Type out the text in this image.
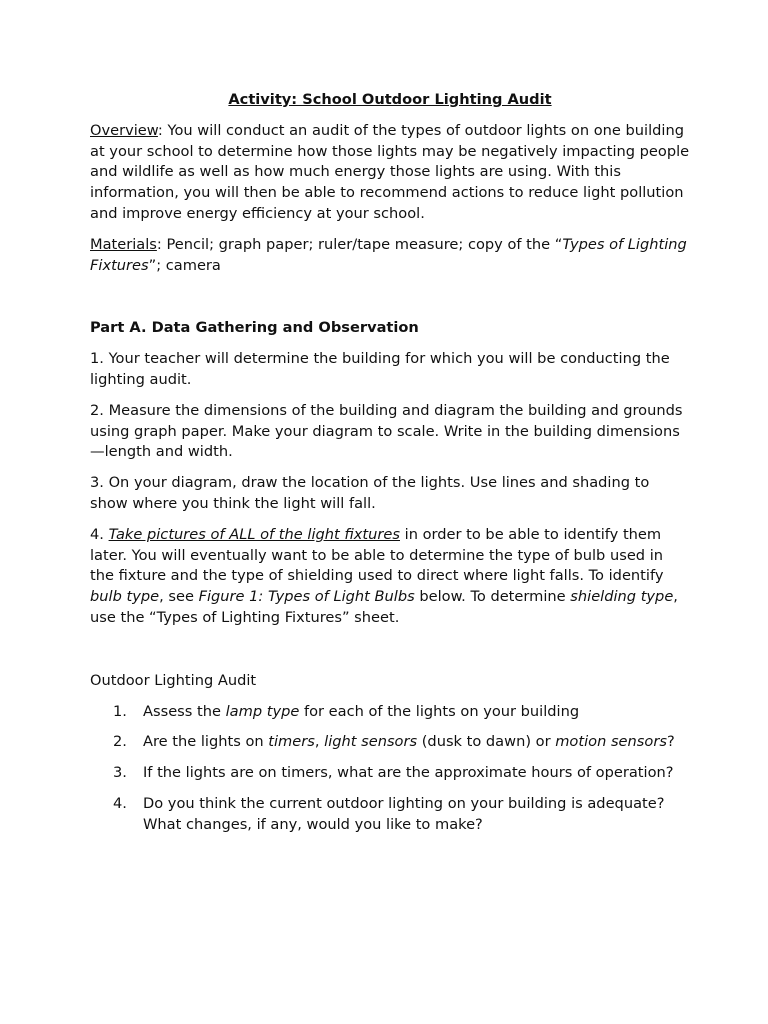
Activity: School Outdoor Lighting Audit

Overview: You will conduct an audit of the types of outdoor lights on one building at your school to determine how those lights may be negatively impacting people and wildlife as well as how much energy those lights are using. With this information, you will then be able to recommend actions to reduce light pollution and improve energy efficiency at your school.

Materials: Pencil; graph paper; ruler/tape measure; copy of the “Types of Lighting Fixtures”; camera

Part A. Data Gathering and Observation

1. Your teacher will determine the building for which you will be conducting the lighting audit.

2. Measure the dimensions of the building and diagram the building and grounds using graph paper. Make your diagram to scale. Write in the building dimensions—length and width.

3. On your diagram, draw the location of the lights. Use lines and shading to show where you think the light will fall.

4. Take pictures of ALL of the light fixtures in order to be able to identify them later. You will eventually want to be able to determine the type of bulb used in the fixture and the type of shielding used to direct where light falls. To identify bulb type, see Figure 1: Types of Light Bulbs below. To determine shielding type, use the “Types of Lighting Fixtures” sheet.

Outdoor Lighting Audit

1. Assess the lamp type for each of the lights on your building
2. Are the lights on timers, light sensors (dusk to dawn) or motion sensors?
3. If the lights are on timers, what are the approximate hours of operation?
4. Do you think the current outdoor lighting on your building is adequate? What changes, if any, would you like to make?
